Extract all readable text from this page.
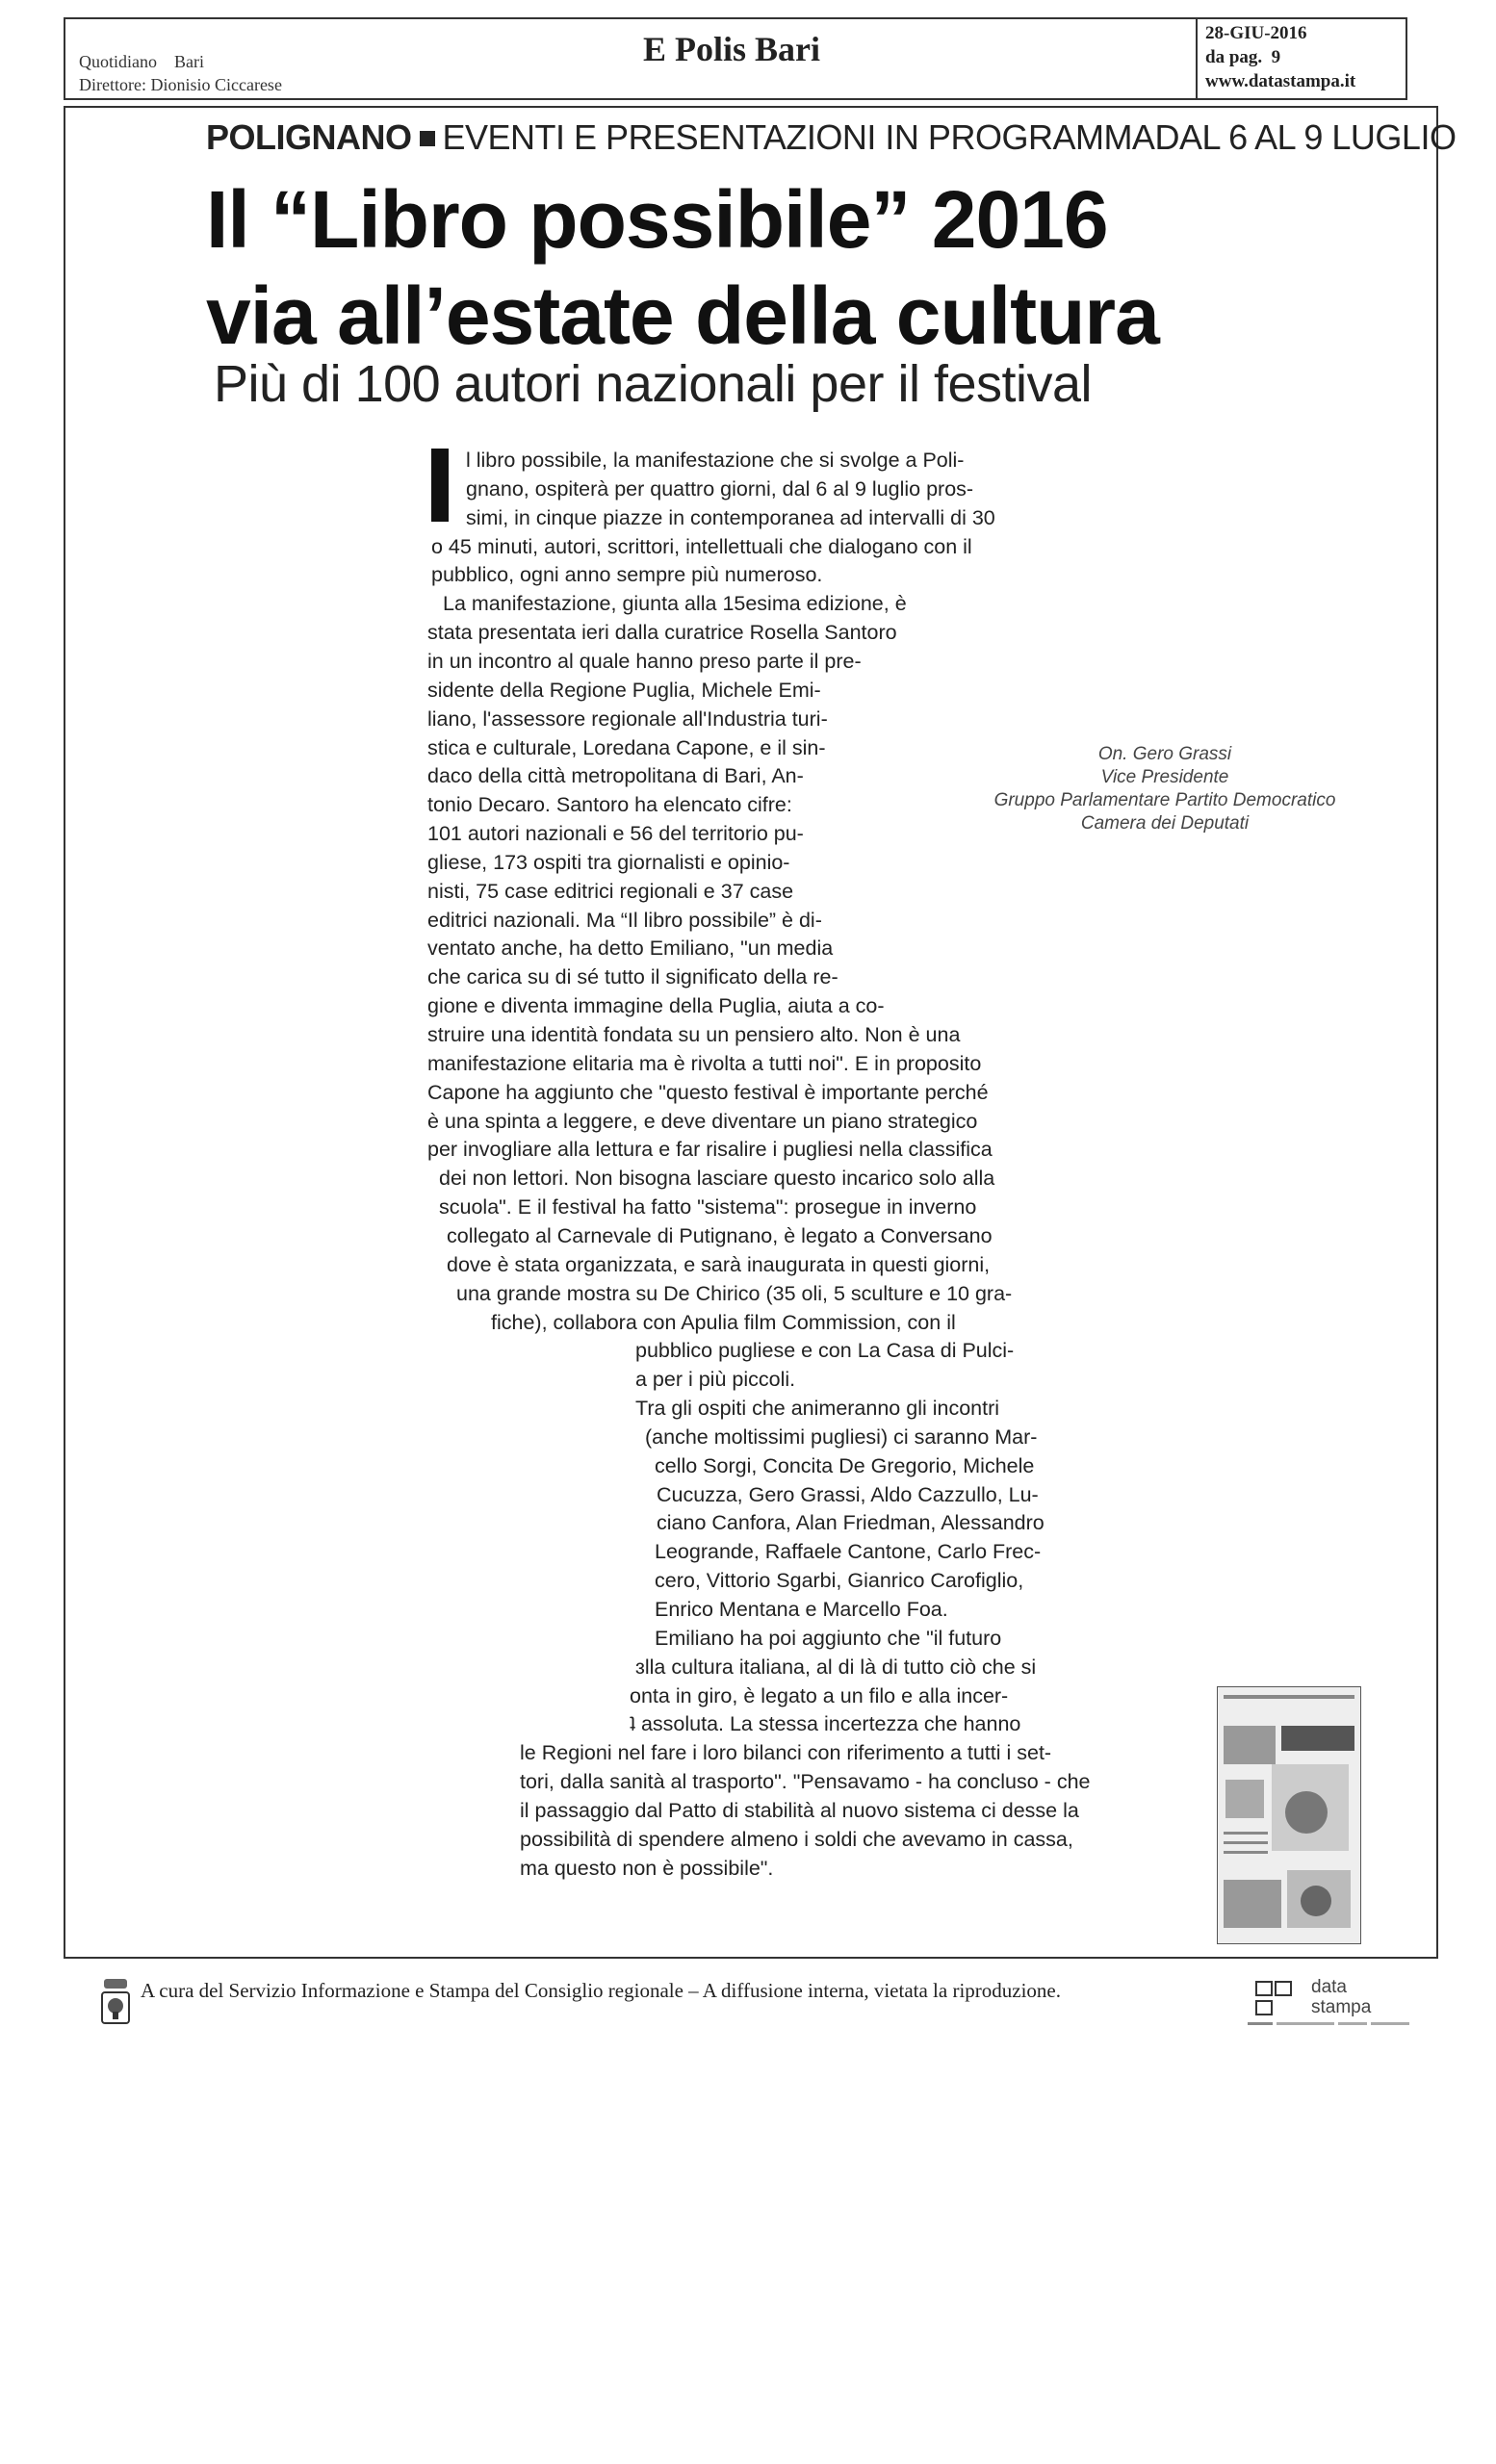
Quotidiano    Bari
Direttore: Dionisio Ciccarese
E Polis Bari	28-GIU-2016
da pag.  9
www.datastampa.it
POLIGNANO EVENTI E PRESENTAZIONI IN PROGRAMMADAL 6 AL 9 LUGLIO
Il “Libro possibile” 2016
via all’estate della cultura
Più di 100 autori nazionali per il festival
l libro possibile, la manifestazione che si svolge a Poli-
gnano, ospiterà per quattro giorni, dal 6 al 9 luglio pros-
simi, in cinque piazze in contemporanea ad intervalli di 30
o 45 minuti, autori, scrittori, intellettuali che dialogano con il
pubblico, ogni anno sempre più numeroso.
La manifestazione, giunta alla 15esima edizione, è
stata presentata ieri dalla curatrice Rosella Santoro
in un incontro al quale hanno preso parte il pre-
sidente della Regione Puglia, Michele Emi-
liano, l'assessore regionale all'Industria turi-
stica e culturale, Loredana Capone, e il sin-
daco della città metropolitana di Bari, An-
tonio Decaro. Santoro ha elencato cifre:
101 autori nazionali e 56 del territorio pu-
gliese, 173 ospiti tra giornalisti e opinio-
nisti, 75 case editrici regionali e 37 case
editrici nazionali. Ma “Il libro possibile” è di-
ventato anche, ha detto Emiliano, "un media
che carica su di sé tutto il significato della re-
gione e diventa immagine della Puglia, aiuta a co-
struire una identità fondata su un pensiero alto. Non è una
manifestazione elitaria ma è rivolta a tutti noi". E in proposito
Capone ha aggiunto che "questo festival è importante perché
è una spinta a leggere, e deve diventare un piano strategico
per invogliare alla lettura e far risalire i pugliesi nella classifica
dei non lettori. Non bisogna lasciare questo incarico solo alla
scuola". E il festival ha fatto "sistema": prosegue in inverno
collegato al Carnevale di Putignano, è legato a Conversano
dove è stata organizzata, e sarà inaugurata in questi giorni,
una grande mostra su De Chirico (35 oli, 5 sculture e 10 gra-
fiche), collabora con Apulia film Commission, con il
pubblico pugliese e con La Casa di Pulci-
a per i più piccoli.
Tra gli ospiti che animeranno gli incontri
(anche moltissimi pugliesi) ci saranno Mar-
cello Sorgi, Concita De Gregorio, Michele
Cucuzza, Gero Grassi, Aldo Cazzullo, Lu-
ciano Canfora, Alan Friedman, Alessandro
Leogrande, Raffaele Cantone, Carlo Frec-
cero, Vittorio Sgarbi, Gianrico Carofiglio,
Enrico Mentana e Marcello Foa.
Emiliano ha poi aggiunto che "il futuro
ɜlla cultura italiana, al di là di tutto ciò che si
onta in giro, è legato a un filo e alla incer-
ʇ assoluta. La stessa incertezza che hanno
le Regioni nel fare i loro bilanci con riferimento a tutti i set-
tori, dalla sanità al trasporto". "Pensavamo - ha concluso - che
il passaggio dal Patto di stabilità al nuovo sistema ci desse la
possibilità di spendere almeno i soldi che avevamo in cassa,
ma questo non è possibile".
On. Gero Grassi
Vice Presidente
Gruppo Parlamentare Partito Democratico
Camera dei Deputati
A cura del Servizio Informazione e Stampa del Consiglio regionale – A diffusione interna, vietata la riproduzione.	data
stampa
